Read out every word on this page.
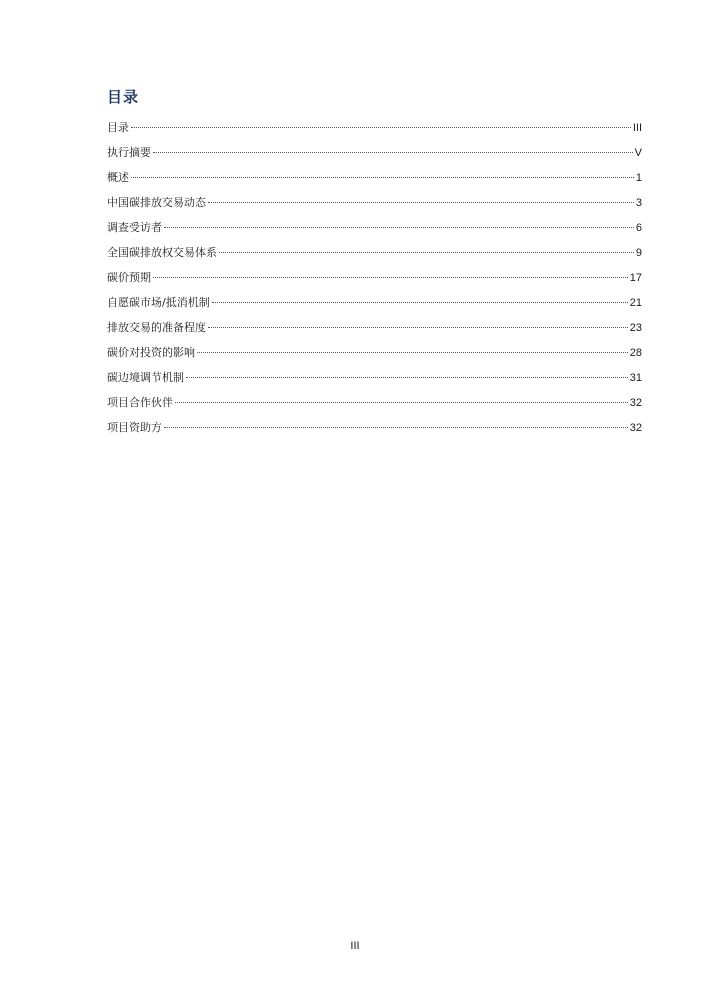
目录
目录	III
执行摘要	V
概述	1
中国碳排放交易动态	3
调查受访者	6
全国碳排放权交易体系	9
碳价预期	17
自愿碳市场/抵消机制	21
排放交易的准备程度	23
碳价对投资的影响	28
碳边境调节机制	31
项目合作伙伴	32
项目资助方	32
III
